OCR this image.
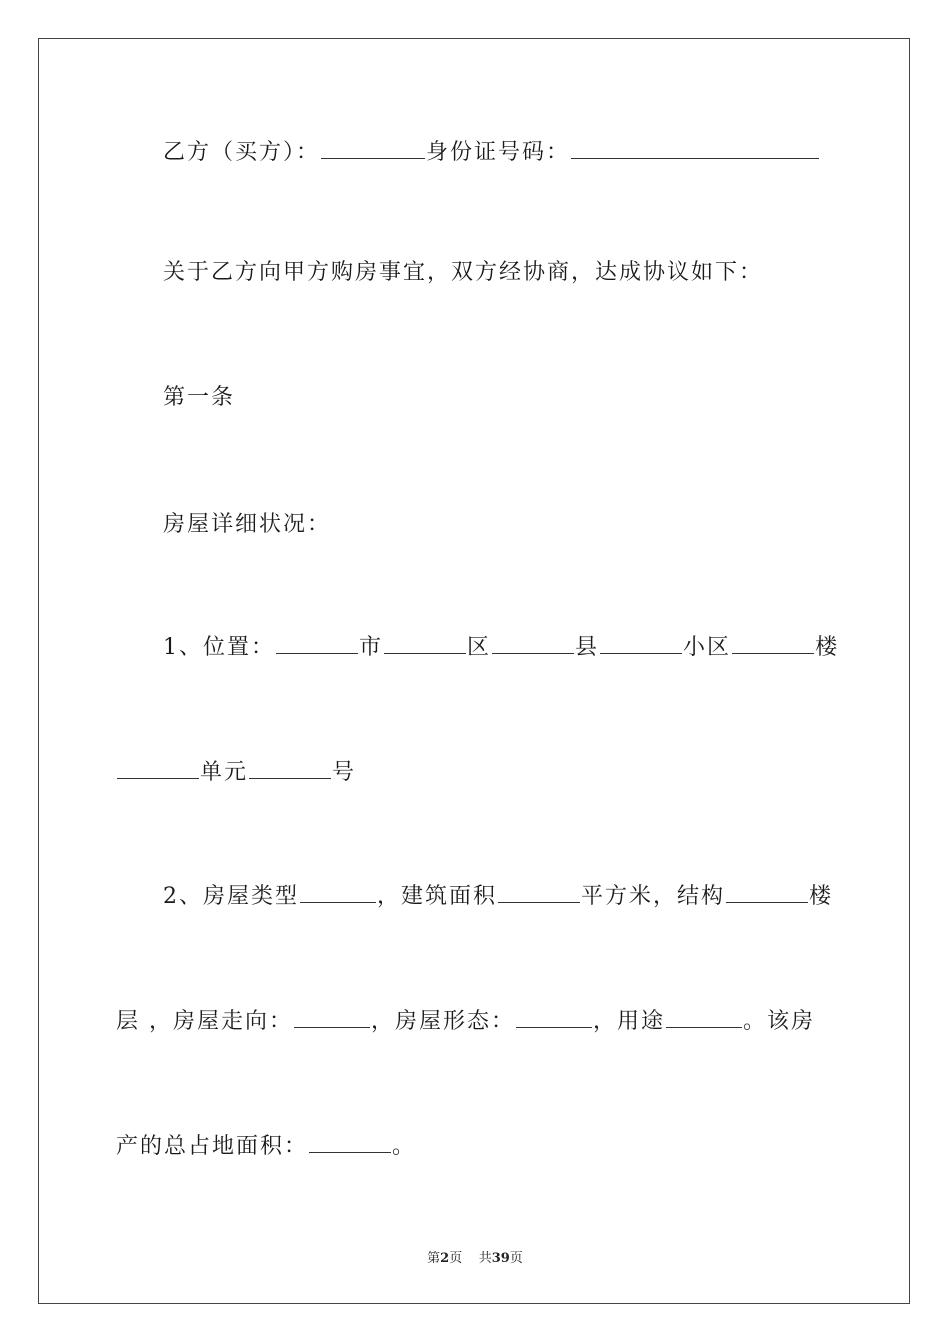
乙方（买方）：	身份证号码：
关于乙方向甲方购房事宜，双方经协商，达成协议如下：
第一条
房屋详细状况：
1、位置：	市	区	县	小区	楼
单元	号
2、房屋类型	，建筑面积	平方米，结构	楼
层 ，房屋走向：	，房屋形态：	，用途	。该房
产的总占地面积：	。
第2页 共39页
